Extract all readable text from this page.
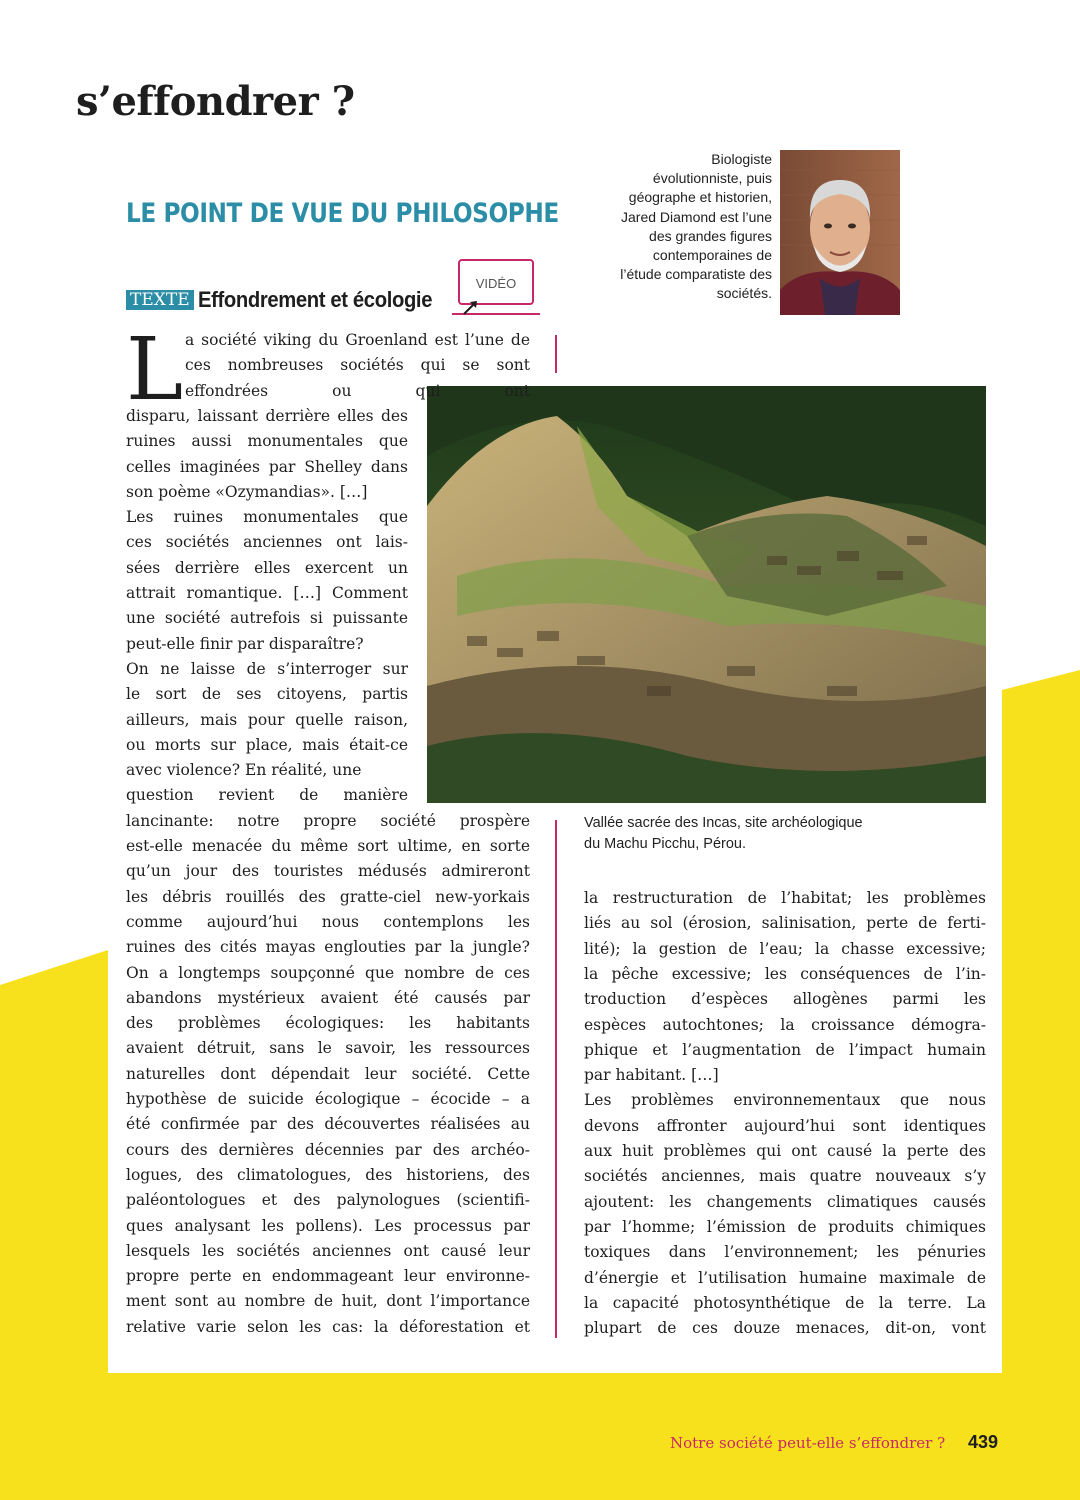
s’effondrer ?
LE POINT DE VUE DU PHILOSOPHE
Biologiste évolutionniste, puis géographe et historien, Jared Diamond est l’une des grandes figures contemporaines de l’étude comparatiste des sociétés.
TEXTE Effondrement et écologie
VIDÉO
Vallée sacrée des Incas, site archéologique
du Machu Picchu, Pérou.
L a société viking du Groenland est l’une de
ces nombreuses sociétés qui se sont
effondrées ou qui ont
disparu, laissant derrière elles des
ruines aussi monumentales que
celles imaginées par Shelley dans
son poème «Ozymandias». […]
Les ruines monumentales que
ces sociétés anciennes ont lais-
sées derrière elles exercent un
attrait romantique. […] Comment
une société autrefois si puissante
peut-elle finir par disparaître?
On ne laisse de s’interroger sur
le sort de ses citoyens, partis
ailleurs, mais pour quelle raison,
ou morts sur place, mais était-ce
avec violence? En réalité, une
question revient de manière
lancinante: notre propre société prospère
est-elle menacée du même sort ultime, en sorte
qu’un jour des touristes médusés admireront
les débris rouillés des gratte-ciel new-yorkais
comme aujourd’hui nous contemplons les
ruines des cités mayas englouties par la jungle?
On a longtemps soupçonné que nombre de ces
abandons mystérieux avaient été causés par
des problèmes écologiques: les habitants
avaient détruit, sans le savoir, les ressources
naturelles dont dépendait leur société. Cette
hypothèse de suicide écologique – écocide – a
été confirmée par des découvertes réalisées au
cours des dernières décennies par des archéo-
logues, des climatologues, des historiens, des
paléontologues et des palynologues (scientifi-
ques analysant les pollens). Les processus par
lesquels les sociétés anciennes ont causé leur
propre perte en endommageant leur environne-
ment sont au nombre de huit, dont l’importance
relative varie selon les cas: la déforestation et
la restructuration de l’habitat; les problèmes
liés au sol (érosion, salinisation, perte de ferti-
lité); la gestion de l’eau; la chasse excessive;
la pêche excessive; les conséquences de l’in-
troduction d’espèces allogènes parmi les
espèces autochtones; la croissance démogra-
phique et l’augmentation de l’impact humain
par habitant. […]
Les problèmes environnementaux que nous
devons affronter aujourd’hui sont identiques
aux huit problèmes qui ont causé la perte des
sociétés anciennes, mais quatre nouveaux s’y
ajoutent: les changements climatiques causés
par l’homme; l’émission de produits chimiques
toxiques dans l’environnement; les pénuries
d’énergie et l’utilisation humaine maximale de
la capacité photosynthétique de la terre. La
plupart de ces douze menaces, dit-on, vont
Notre société peut-elle s’effondrer ? 439
